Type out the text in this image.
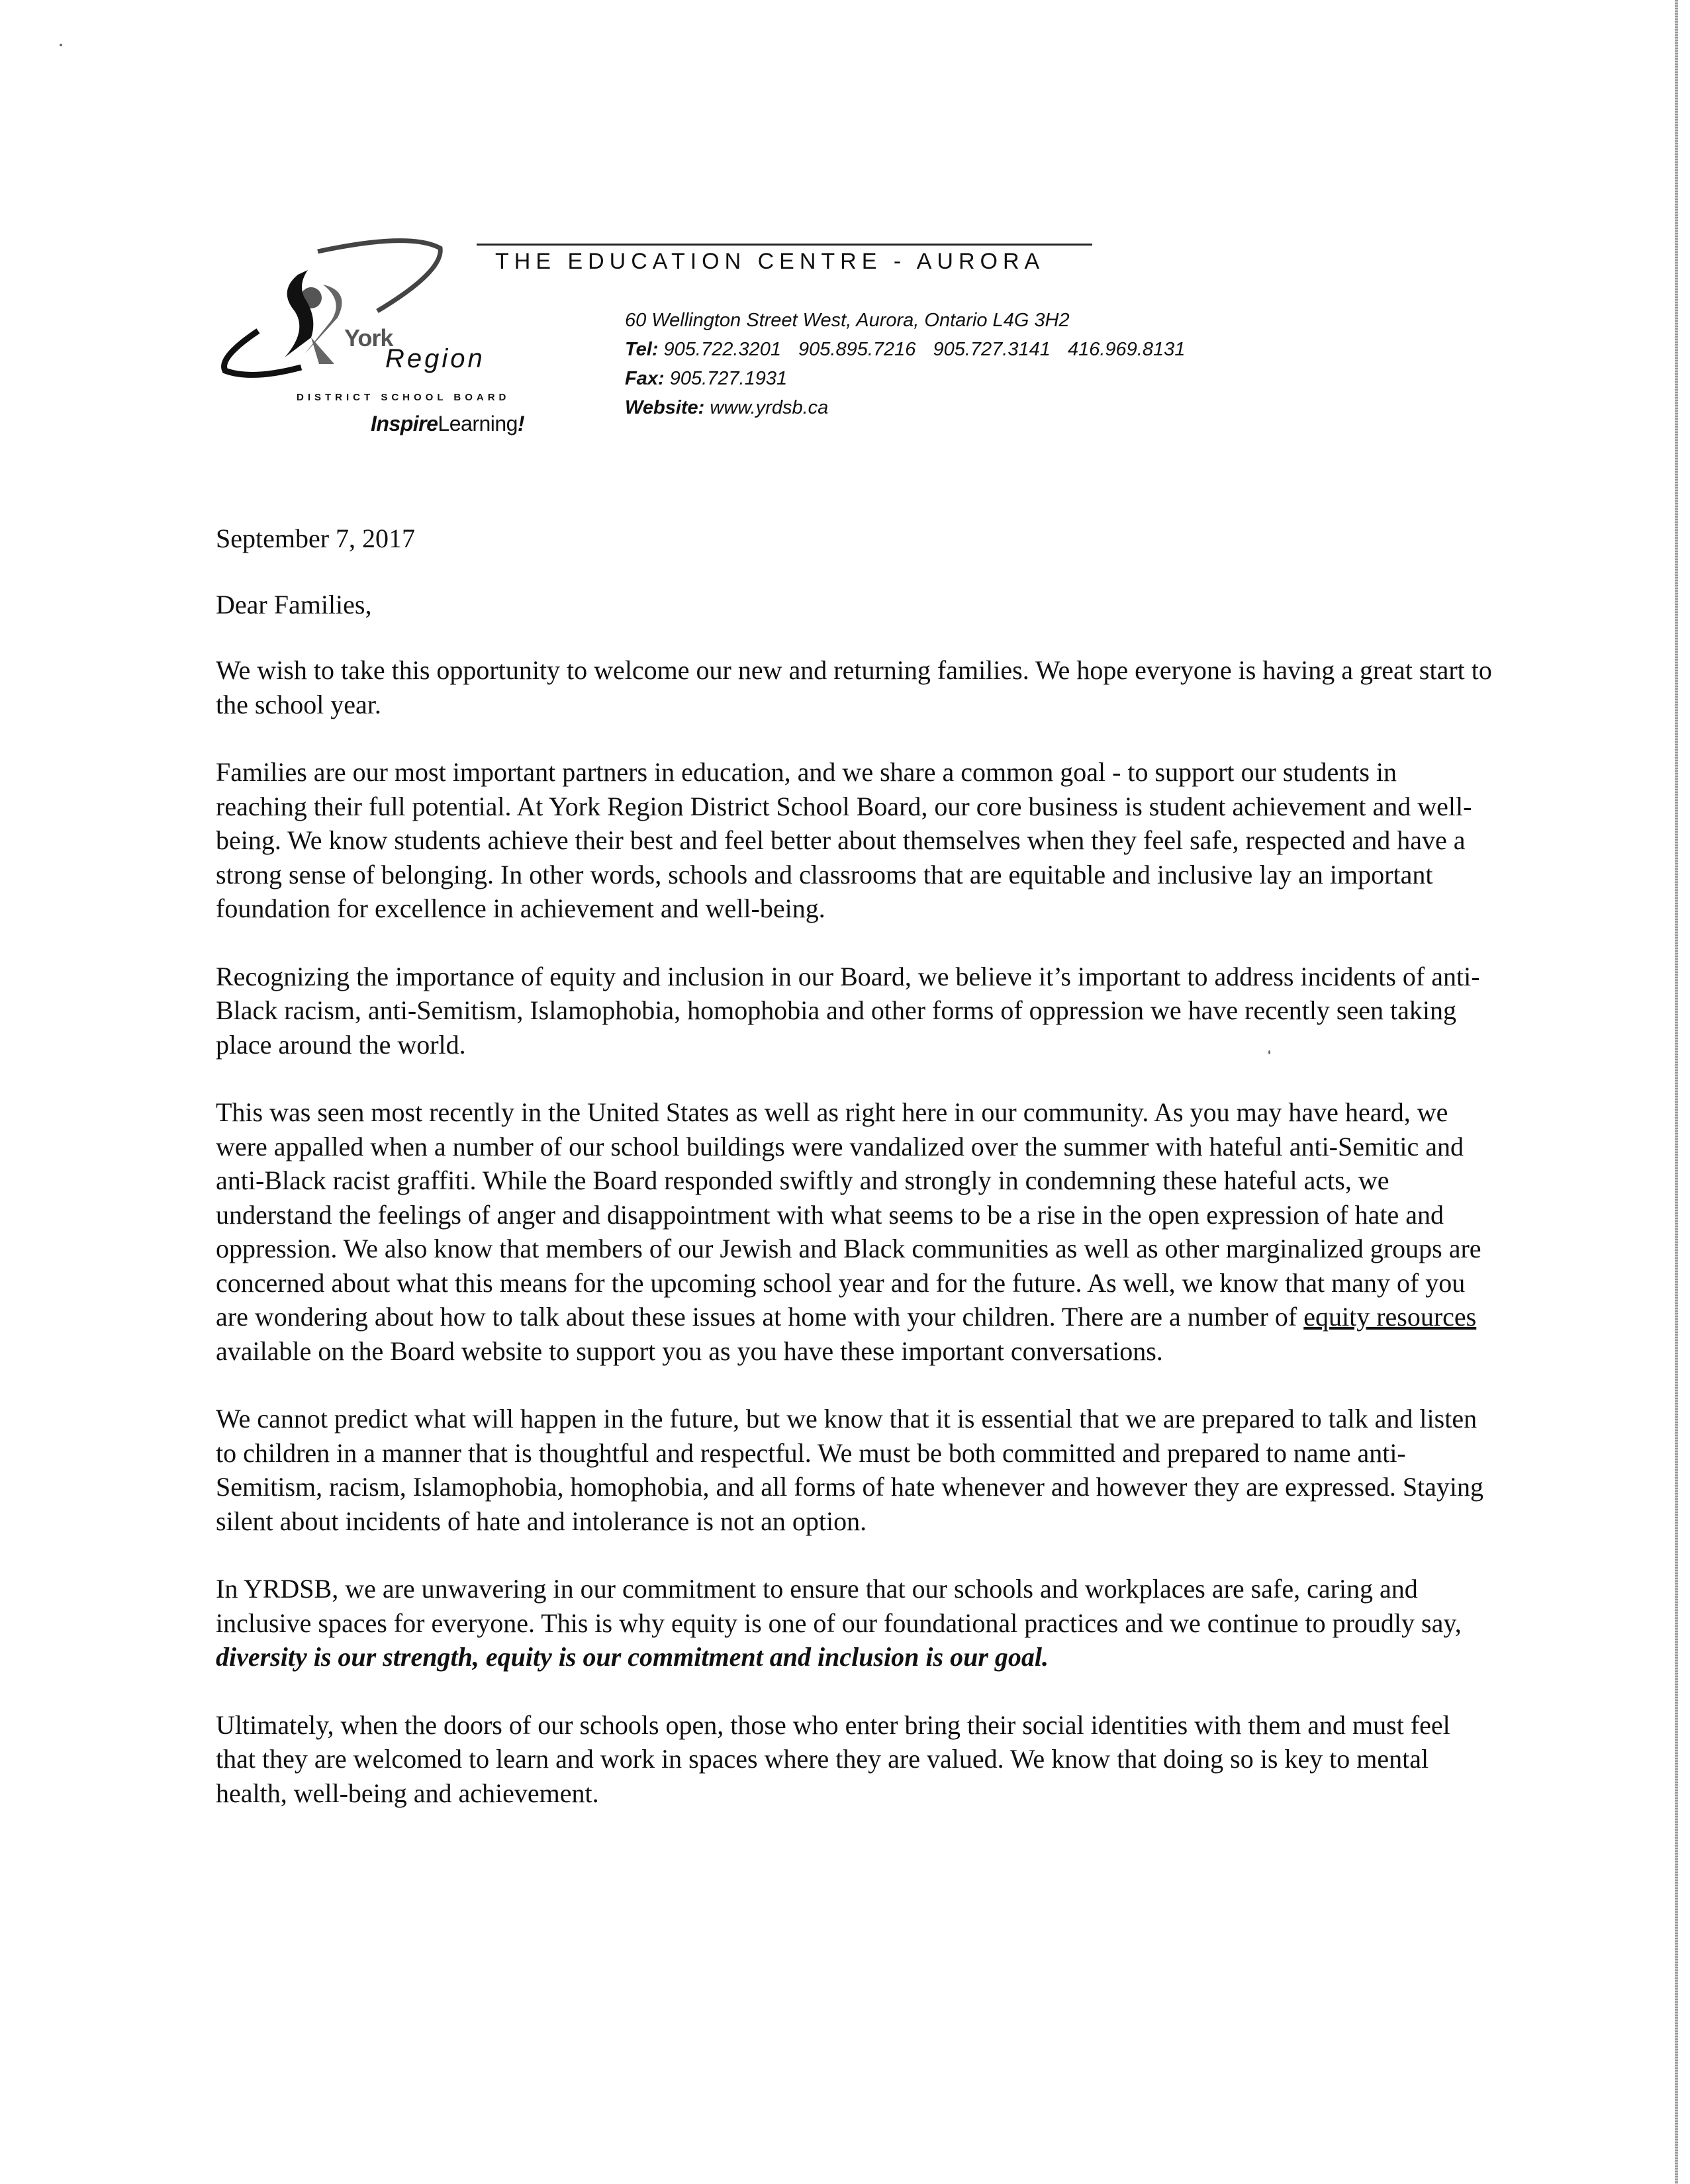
York
Region
DISTRICT SCHOOL BOARD
InspireLearning!
THE EDUCATION CENTRE - AURORA
60 Wellington Street West, Aurora, Ontario L4G 3H2
Tel: 905.722.3201 905.895.7216 905.727.3141 416.969.8131
Fax: 905.727.1931
Website: www.yrdsb.ca

September 7, 2017

Dear Families,

We wish to take this opportunity to welcome our new and returning families. We hope everyone is having a great start to the school year.

Families are our most important partners in education, and we share a common goal - to support our students in reaching their full potential. At York Region District School Board, our core business is student achievement and well-being. We know students achieve their best and feel better about themselves when they feel safe, respected and have a strong sense of belonging. In other words, schools and classrooms that are equitable and inclusive lay an important foundation for excellence in achievement and well-being.

Recognizing the importance of equity and inclusion in our Board, we believe it’s important to address incidents of anti-Black racism, anti-Semitism, Islamophobia, homophobia and other forms of oppression we have recently seen taking place around the world.

This was seen most recently in the United States as well as right here in our community. As you may have heard, we were appalled when a number of our school buildings were vandalized over the summer with hateful anti-Semitic and anti-Black racist graffiti. While the Board responded swiftly and strongly in condemning these hateful acts, we understand the feelings of anger and disappointment with what seems to be a rise in the open expression of hate and oppression. We also know that members of our Jewish and Black communities as well as other marginalized groups are concerned about what this means for the upcoming school year and for the future. As well, we know that many of you are wondering about how to talk about these issues at home with your children. There are a number of equity resources available on the Board website to support you as you have these important conversations.

We cannot predict what will happen in the future, but we know that it is essential that we are prepared to talk and listen to children in a manner that is thoughtful and respectful. We must be both committed and prepared to name anti-Semitism, racism, Islamophobia, homophobia, and all forms of hate whenever and however they are expressed. Staying silent about incidents of hate and intolerance is not an option.

In YRDSB, we are unwavering in our commitment to ensure that our schools and workplaces are safe, caring and inclusive spaces for everyone. This is why equity is one of our foundational practices and we continue to proudly say, diversity is our strength, equity is our commitment and inclusion is our goal.

Ultimately, when the doors of our schools open, those who enter bring their social identities with them and must feel that they are welcomed to learn and work in spaces where they are valued. We know that doing so is key to mental health, well-being and achievement.
